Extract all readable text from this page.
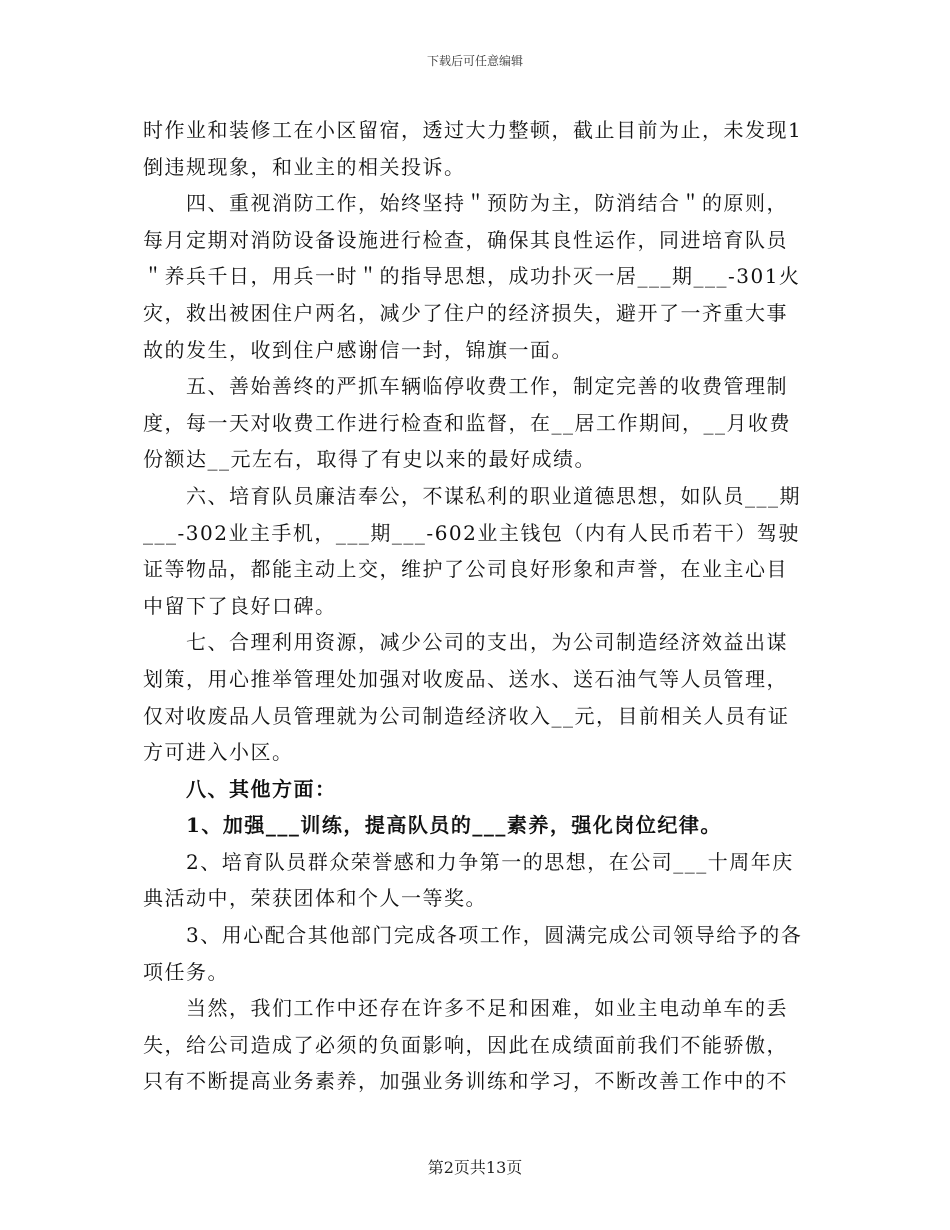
下载后可任意编辑

时作业和装修工在小区留宿，透过大力整顿，截止目前为止，未发现1

倒违规现象，和业主的相关投诉。

　　四、重视消防工作，始终坚持＂预防为主，防消结合＂的原则，

每月定期对消防设备设施进行检查，确保其良性运作，同进培育队员

＂养兵千日，用兵一时＂的指导思想，成功扑灭一居___期___-301火

灾，救出被困住户两名，减少了住户的经济损失，避开了一齐重大事

故的发生，收到住户感谢信一封，锦旗一面。

　　五、善始善终的严抓车辆临停收费工作，制定完善的收费管理制

度，每一天对收费工作进行检查和监督，在__居工作期间，__月收费

份额达__元左右，取得了有史以来的最好成绩。

　　六、培育队员廉洁奉公，不谋私利的职业道德思想，如队员___期

___-302业主手机，___期___-602业主钱包（内有人民币若干）驾驶

证等物品，都能主动上交，维护了公司良好形象和声誉，在业主心目

中留下了良好口碑。

　　七、合理利用资源，减少公司的支出，为公司制造经济效益出谋

划策，用心推举管理处加强对收废品、送水、送石油气等人员管理，

仅对收废品人员管理就为公司制造经济收入__元，目前相关人员有证

方可进入小区。

　　八、其他方面：

　　1、加强___训练，提高队员的___素养，强化岗位纪律。

　　2、培育队员群众荣誉感和力争第一的思想，在公司___十周年庆

典活动中，荣获团体和个人一等奖。

　　3、用心配合其他部门完成各项工作，圆满完成公司领导给予的各

项任务。

　　当然，我们工作中还存在许多不足和困难，如业主电动单车的丢

失，给公司造成了必须的负面影响，因此在成绩面前我们不能骄傲，

只有不断提高业务素养，加强业务训练和学习，不断改善工作中的不

第2页共13页
